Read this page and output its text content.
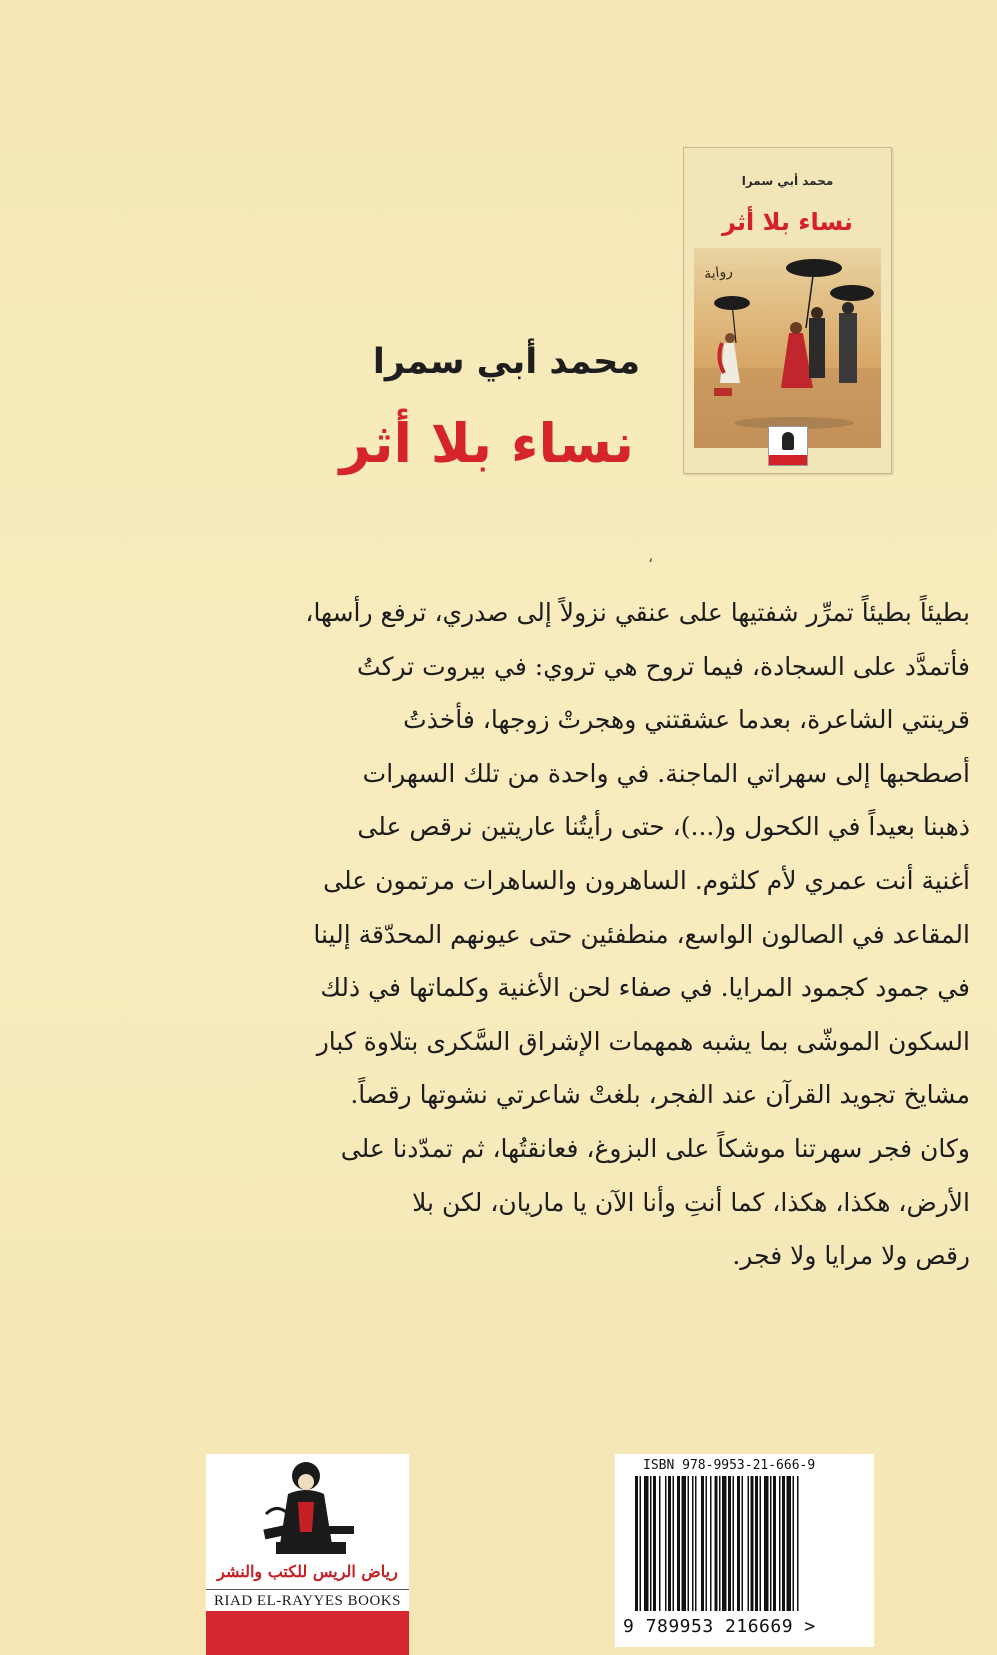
محمد أبي سمرا
نساء بلا أثر
رواية
محمد أبي سمرا
نساء بلا أثر
،
بطيئاً بطيئاً تمرِّر شفتيها على عنقي نزولاً إلى صدري، ترفع رأسها،
فأتمدَّد على السجادة، فيما تروح هي تروي: في بيروت تركتُ
قرينتي الشاعرة، بعدما عشقتني وهجرتْ زوجها، فأخذتُ
أصطحبها إلى سهراتي الماجنة. في واحدة من تلك السهرات
ذهبنا بعيداً في الكحول و(...)، حتى رأيتُنا عاريتين نرقص على
أغنية أنت عمري لأم كلثوم. الساهرون والساهرات مرتمون على
المقاعد في الصالون الواسع، منطفئين حتى عيونهم المحدّقة إلينا
في جمود كجمود المرايا. في صفاء لحن الأغنية وكلماتها في ذلك
السكون الموشّى بما يشبه همهمات الإشراق السَّكرى بتلاوة كبار
مشايخ تجويد القرآن عند الفجر، بلغتْ شاعرتي نشوتها رقصاً.
وكان فجر سهرتنا موشكاً على البزوغ، فعانقتُها، ثم تمدّدنا على
الأرض، هكذا، هكذا، كما أنتِ وأنا الآن يا ماريان، لكن بلا
رقص ولا مرايا ولا فجر.
رياض الريس للكتب والنشر
RIAD EL-RAYYES BOOKS
ISBN 978-9953-21-666-9
9 789953 216669 >
